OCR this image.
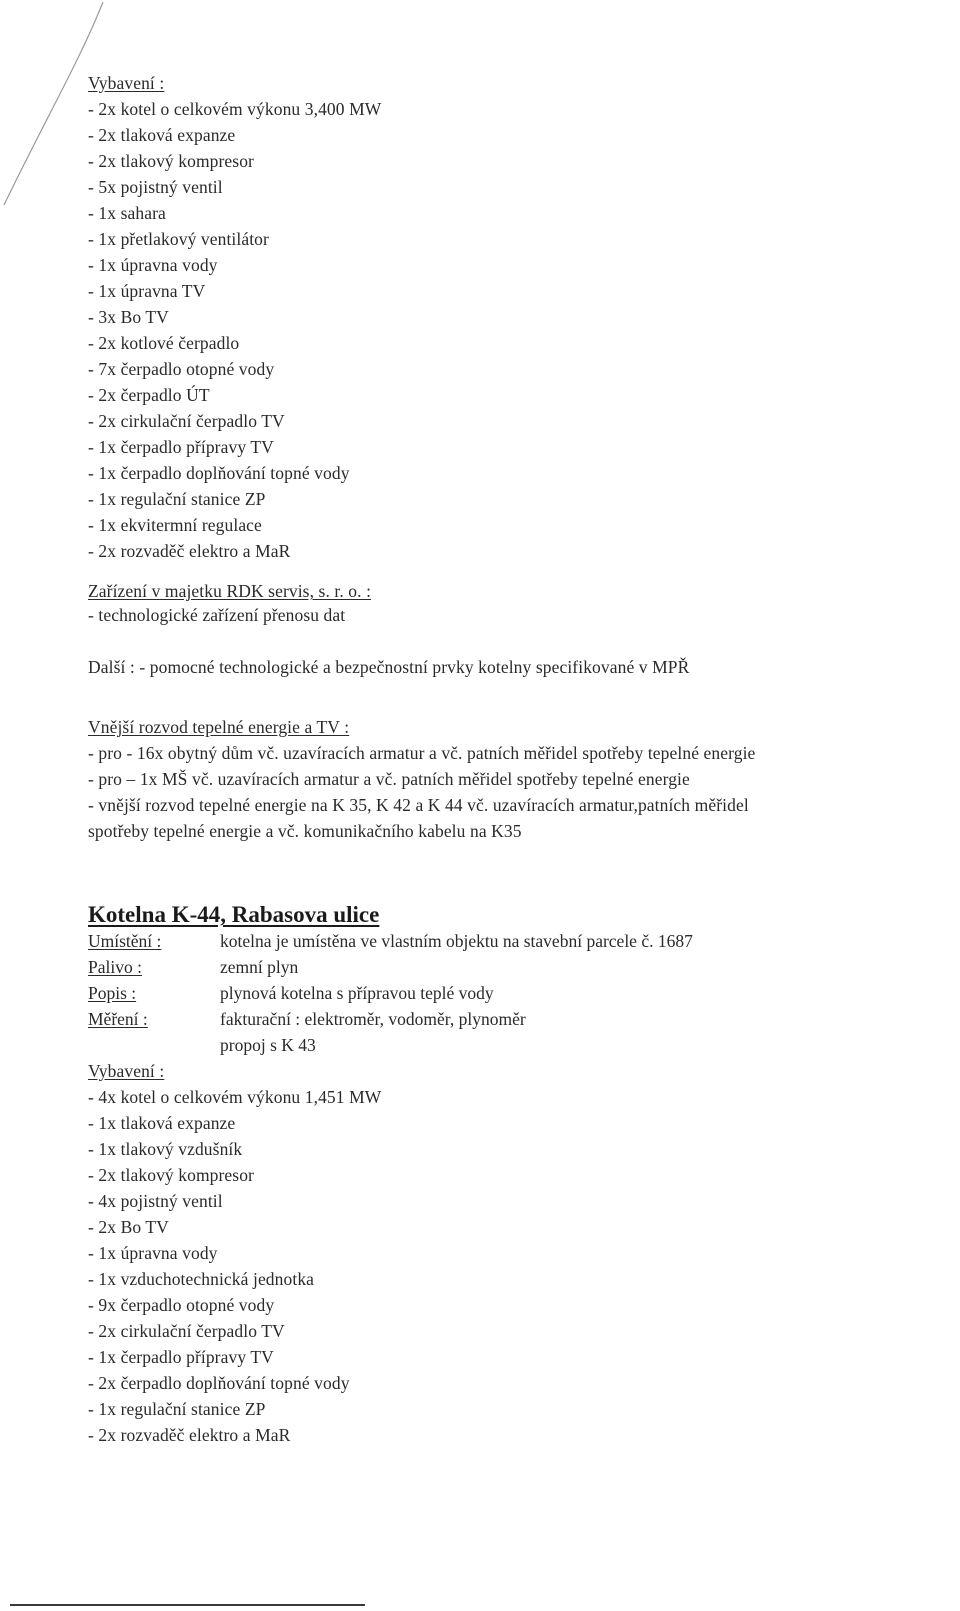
Vybavení :
- 2x kotel o celkovém výkonu 3,400 MW
- 2x tlaková expanze
- 2x tlakový kompresor
- 5x pojistný ventil
- 1x sahara
- 1x přetlakový ventilátor
- 1x úpravna vody
- 1x úpravna TV
- 3x Bo TV
- 2x kotlové čerpadlo
- 7x čerpadlo otopné vody
- 2x čerpadlo ÚT
- 2x cirkulační čerpadlo TV
- 1x čerpadlo přípravy TV
- 1x čerpadlo doplňování topné vody
- 1x regulační stanice ZP
- 1x ekvitermní regulace
- 2x rozvaděč elektro a MaR
Zařízení v majetku RDK servis, s. r. o. :
- technologické zařízení přenosu dat
Další : - pomocné technologické a bezpečnostní prvky kotelny specifikované v MPŘ
Vnější rozvod tepelné energie a TV :
- pro - 16x obytný dům vč. uzavíracích armatur a vč. patních měřidel spotřeby tepelné energie
- pro – 1x MŠ vč. uzavíracích armatur a vč. patních měřidel spotřeby tepelné energie
- vnější rozvod tepelné energie na K 35, K 42 a K 44 vč. uzavíracích armatur,patních měřidel
spotřeby tepelné energie a vč. komunikačního kabelu na K35
Kotelna K-44, Rabasova ulice
Umístění :	kotelna je umístěna ve vlastním objektu na stavební parcele č. 1687
Palivo :	zemní plyn
Popis :	plynová kotelna s přípravou teplé vody
Měření :	fakturační : elektroměr, vodoměr, plynoměr
propoj s K 43
Vybavení :
- 4x kotel o celkovém výkonu 1,451 MW
- 1x tlaková expanze
- 1x tlakový vzdušník
- 2x tlakový kompresor
- 4x pojistný ventil
- 2x Bo TV
- 1x úpravna vody
- 1x vzduchotechnická jednotka
- 9x čerpadlo otopné vody
- 2x cirkulační čerpadlo TV
- 1x čerpadlo přípravy TV
- 2x čerpadlo doplňování topné vody
- 1x regulační stanice ZP
- 2x rozvaděč elektro a MaR
